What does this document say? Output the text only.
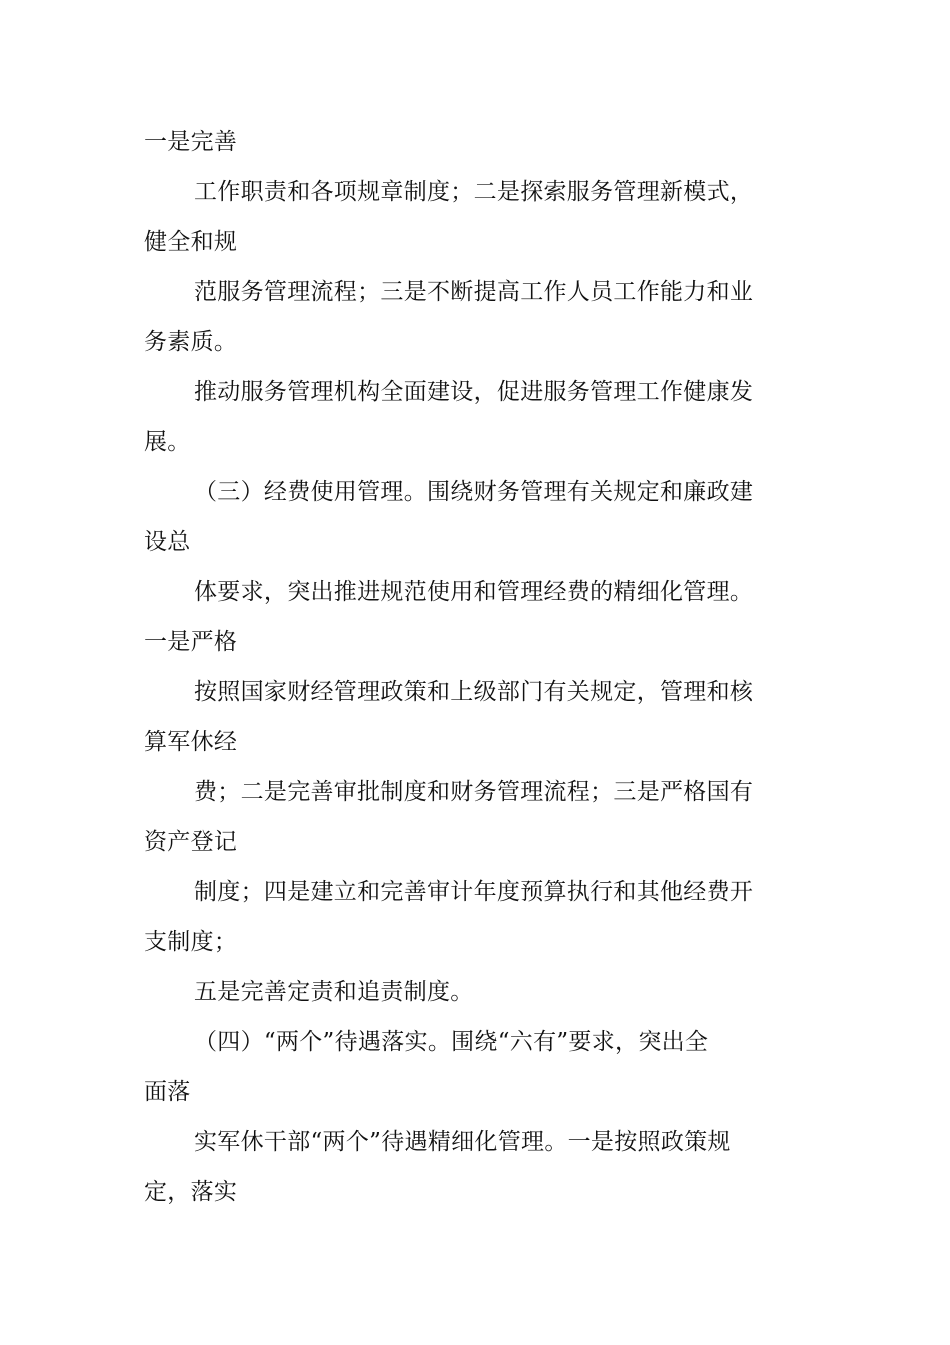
一是完善
工作职责和各项规章制度；二是探索服务管理新模式，
健全和规
范服务管理流程；三是不断提高工作人员工作能力和业
务素质。
推动服务管理机构全面建设，促进服务管理工作健康发
展。
（三）经费使用管理。围绕财务管理有关规定和廉政建
设总
体要求，突出推进规范使用和管理经费的精细化管理。
一是严格
按照国家财经管理政策和上级部门有关规定，管理和核
算军休经
费；二是完善审批制度和财务管理流程；三是严格国有
资产登记
制度；四是建立和完善审计年度预算执行和其他经费开
支制度；
五是完善定责和追责制度。
（四）“两个”待遇落实。围绕“六有”要求，突出全
面落
实军休干部“两个”待遇精细化管理。一是按照政策规
定，落实
